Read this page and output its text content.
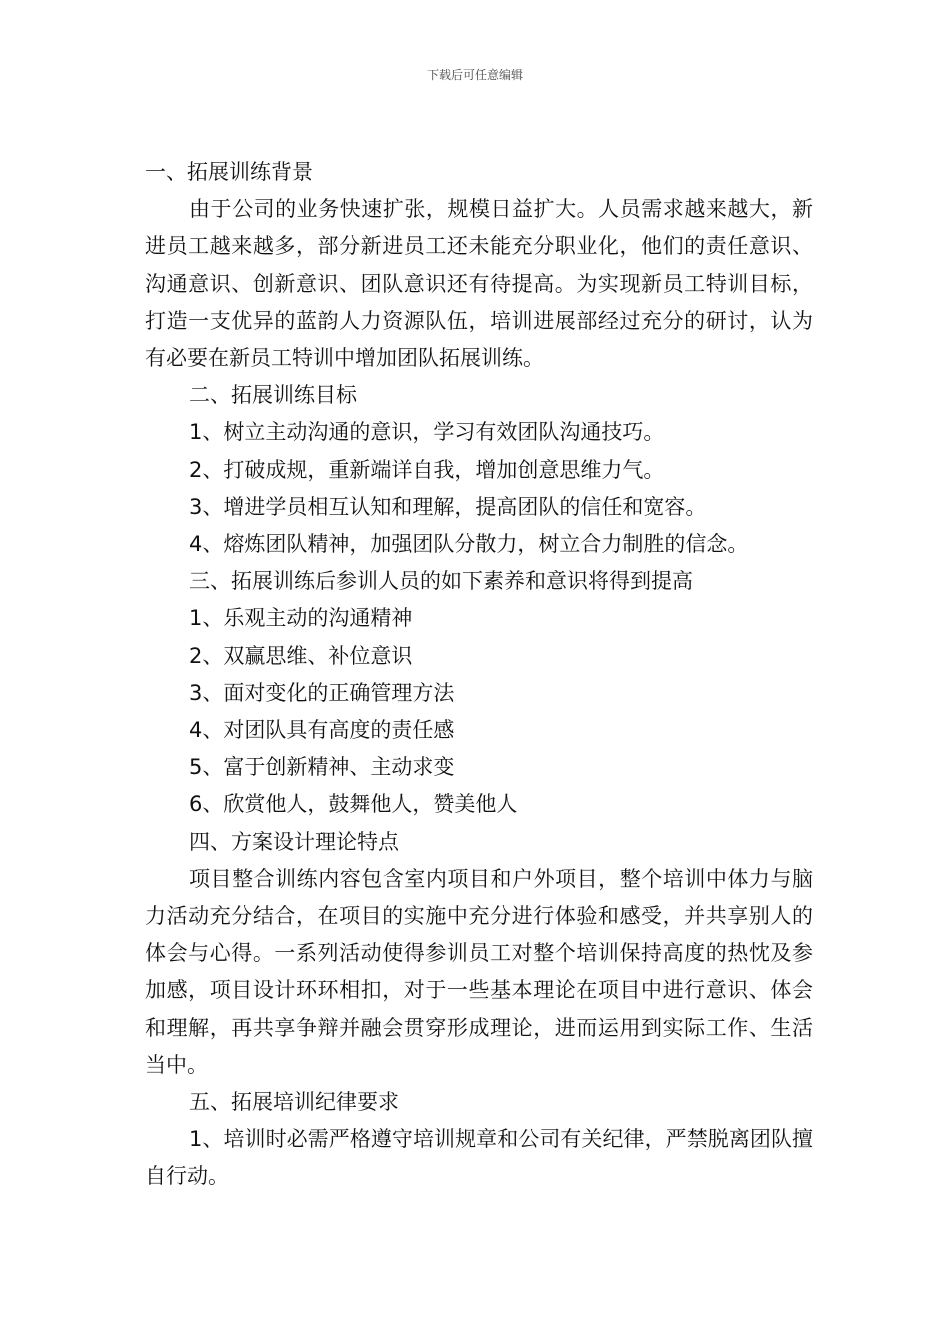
下载后可任意编辑

一、拓展训练背景

由于公司的业务快速扩张，规模日益扩大。人员需求越来越大，新进员工越来越多，部分新进员工还未能充分职业化，他们的责任意识、沟通意识、创新意识、团队意识还有待提高。为实现新员工特训目标，打造一支优异的蓝韵人力资源队伍，培训进展部经过充分的研讨，认为有必要在新员工特训中增加团队拓展训练。

二、拓展训练目标

1、树立主动沟通的意识，学习有效团队沟通技巧。

2、打破成规，重新端详自我，增加创意思维力气。

3、增进学员相互认知和理解，提高团队的信任和宽容。

4、熔炼团队精神，加强团队分散力，树立合力制胜的信念。

三、拓展训练后参训人员的如下素养和意识将得到提高

1、乐观主动的沟通精神

2、双赢思维、补位意识

3、面对变化的正确管理方法

4、对团队具有高度的责任感

5、富于创新精神、主动求变

6、欣赏他人，鼓舞他人，赞美他人

四、方案设计理论特点

项目整合训练内容包含室内项目和户外项目，整个培训中体力与脑力活动充分结合，在项目的实施中充分进行体验和感受，并共享别人的体会与心得。一系列活动使得参训员工对整个培训保持高度的热忱及参加感，项目设计环环相扣，对于一些基本理论在项目中进行意识、体会和理解，再共享争辩并融会贯穿形成理论，进而运用到实际工作、生活当中。

五、拓展培训纪律要求

1、培训时必需严格遵守培训规章和公司有关纪律，严禁脱离团队擅自行动。
